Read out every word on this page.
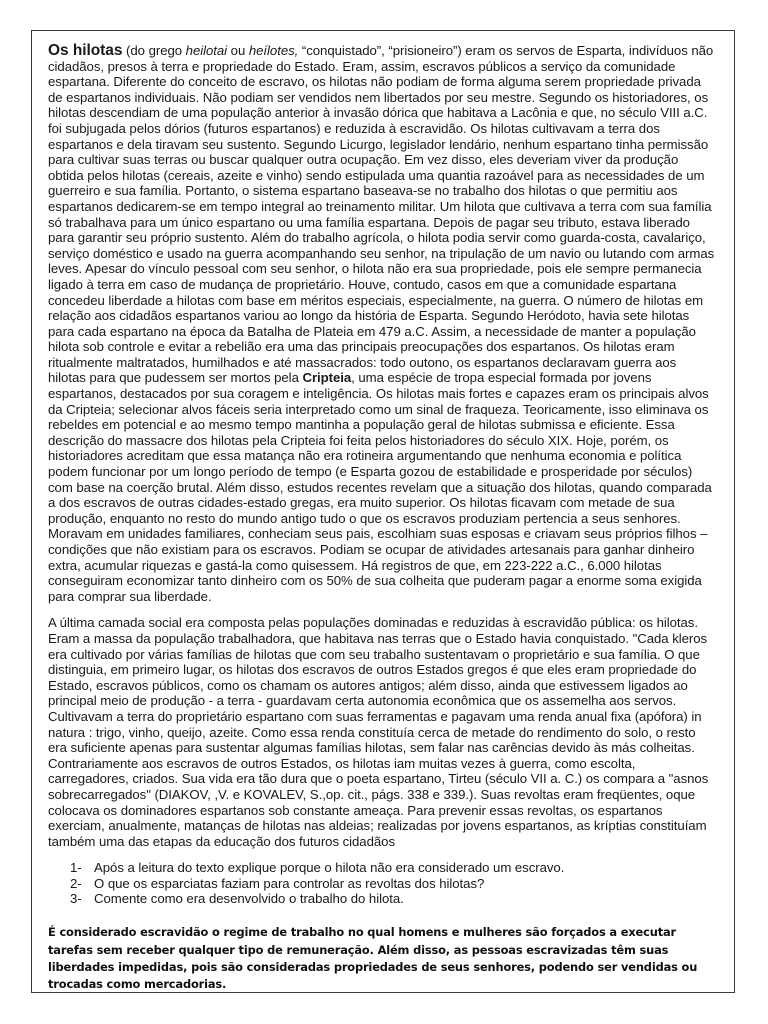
Os hilotas (do grego heilotai ou heílotes, “conquistado”, “prisioneiro”) eram os servos de Esparta, indivíduos não cidadãos, presos à terra e propriedade do Estado. Eram, assim, escravos públicos a serviço da comunidade espartana. Diferente do conceito de escravo, os hilotas não podiam de forma alguma serem propriedade privada de espartanos individuais. Não podiam ser vendidos nem libertados por seu mestre. Segundo os historiadores, os hilotas descendiam de uma população anterior à invasão dórica que habitava a Lacônia e que, no século VIII a.C. foi subjugada pelos dórios (futuros espartanos) e reduzida à escravidão. Os hilotas cultivavam a terra dos espartanos e dela tiravam seu sustento. Segundo Licurgo, legislador lendário, nenhum espartano tinha permissão para cultivar suas terras ou buscar qualquer outra ocupação. Em vez disso, eles deveriam viver da produção obtida pelos hilotas (cereais, azeite e vinho) sendo estipulada uma quantia razoável para as necessidades de um guerreiro e sua família. Portanto, o sistema espartano baseava-se no trabalho dos hilotas o que permitiu aos espartanos dedicarem-se em tempo integral ao treinamento militar. Um hilota que cultivava a terra com sua família só trabalhava para um único espartano ou uma família espartana. Depois de pagar seu tributo, estava liberado para garantir seu próprio sustento. Além do trabalho agrícola, o hilota podia servir como guarda-costa, cavalariço, serviço doméstico e usado na guerra acompanhando seu senhor, na tripulação de um navio ou lutando com armas leves. Apesar do vínculo pessoal com seu senhor, o hilota não era sua propriedade, pois ele sempre permanecia ligado à terra em caso de mudança de proprietário. Houve, contudo, casos em que a comunidade espartana concedeu liberdade a hilotas com base em méritos especiais, especialmente, na guerra. O número de hilotas em relação aos cidadãos espartanos variou ao longo da história de Esparta. Segundo Heródoto, havia sete hilotas para cada espartano na época da Batalha de Plateia em 479 a.C. Assim, a necessidade de manter a população hilota sob controle e evitar a rebelião era uma das principais preocupações dos espartanos. Os hilotas eram ritualmente maltratados, humilhados e até massacrados: todo outono, os espartanos declaravam guerra aos hilotas para que pudessem ser mortos pela Cripteia, uma espécie de tropa especial formada por jovens espartanos, destacados por sua coragem e inteligência. Os hilotas mais fortes e capazes eram os principais alvos da Cripteia; selecionar alvos fáceis seria interpretado como um sinal de fraqueza. Teoricamente, isso eliminava os rebeldes em potencial e ao mesmo tempo mantinha a população geral de hilotas submissa e eficiente. Essa descrição do massacre dos hilotas pela Cripteia foi feita pelos historiadores do século XIX. Hoje, porém, os historiadores acreditam que essa matança não era rotineira argumentando que nenhuma economia e política podem funcionar por um longo período de tempo (e Esparta gozou de estabilidade e prosperidade por séculos) com base na coerção brutal. Além disso, estudos recentes revelam que a situação dos hilotas, quando comparada a dos escravos de outras cidades-estado gregas, era muito superior. Os hilotas ficavam com metade de sua produção, enquanto no resto do mundo antigo tudo o que os escravos produziam pertencia a seus senhores. Moravam em unidades familiares, conheciam seus pais, escolhiam suas esposas e criavam seus próprios filhos – condições que não existiam para os escravos. Podiam se ocupar de atividades artesanais para ganhar dinheiro extra, acumular riquezas e gastá-la como quisessem. Há registros de que, em 223-222 a.C., 6.000 hilotas conseguiram economizar tanto dinheiro com os 50% de sua colheita que puderam pagar a enorme soma exigida para comprar sua liberdade.

A última camada social era composta pelas populações dominadas e reduzidas à escravidão pública: os hilotas. Eram a massa da população trabalhadora, que habitava nas terras que o Estado havia conquistado. "Cada kleros era cultivado por várias famílias de hilotas que com seu trabalho sustentavam o proprietário e sua família. O que distinguia, em primeiro lugar, os hilotas dos escravos de outros Estados gregos é que eles eram propriedade do Estado, escravos públicos, como os chamam os autores antigos; além disso, ainda que estivessem ligados ao principal meio de produção - a terra - guardavam certa autonomia econômica que os assemelha aos servos. Cultivavam a terra do proprietário espartano com suas ferramentas e pagavam uma renda anual fixa (apófora) in natura : trigo, vinho, queijo, azeite. Como essa renda constituía cerca de metade do rendimento do solo, o resto era suficiente apenas para sustentar algumas famílias hilotas, sem falar nas carências devido às más colheitas. Contrariamente aos escravos de outros Estados, os hilotas iam muitas vezes à guerra, como escolta, carregadores, criados. Sua vida era tão dura que o poeta espartano, Tirteu (século VII a. C.) os compara a "asnos sobrecarregados" (DIAKOV, ,V. e KOVALEV, S.,op. cit., págs. 338 e 339.). Suas revoltas eram freqüentes, oque colocava os dominadores espartanos sob constante ameaça. Para prevenir essas revoltas, os espartanos exerciam, anualmente, matanças de hilotas nas aldeias; realizadas por jovens espartanos, as kríptias constituíam também uma das etapas da educação dos futuros cidadãos

1- Após a leitura do texto explique porque o hilota não era considerado um escravo.
2- O que os esparciatas faziam para controlar as revoltas dos hilotas?
3- Comente como era desenvolvido o trabalho do hilota.

É considerado escravidão o regime de trabalho no qual homens e mulheres são forçados a executar tarefas sem receber qualquer tipo de remuneração. Além disso, as pessoas escravizadas têm suas liberdades impedidas, pois são consideradas propriedades de seus senhores, podendo ser vendidas ou trocadas como mercadorias.
